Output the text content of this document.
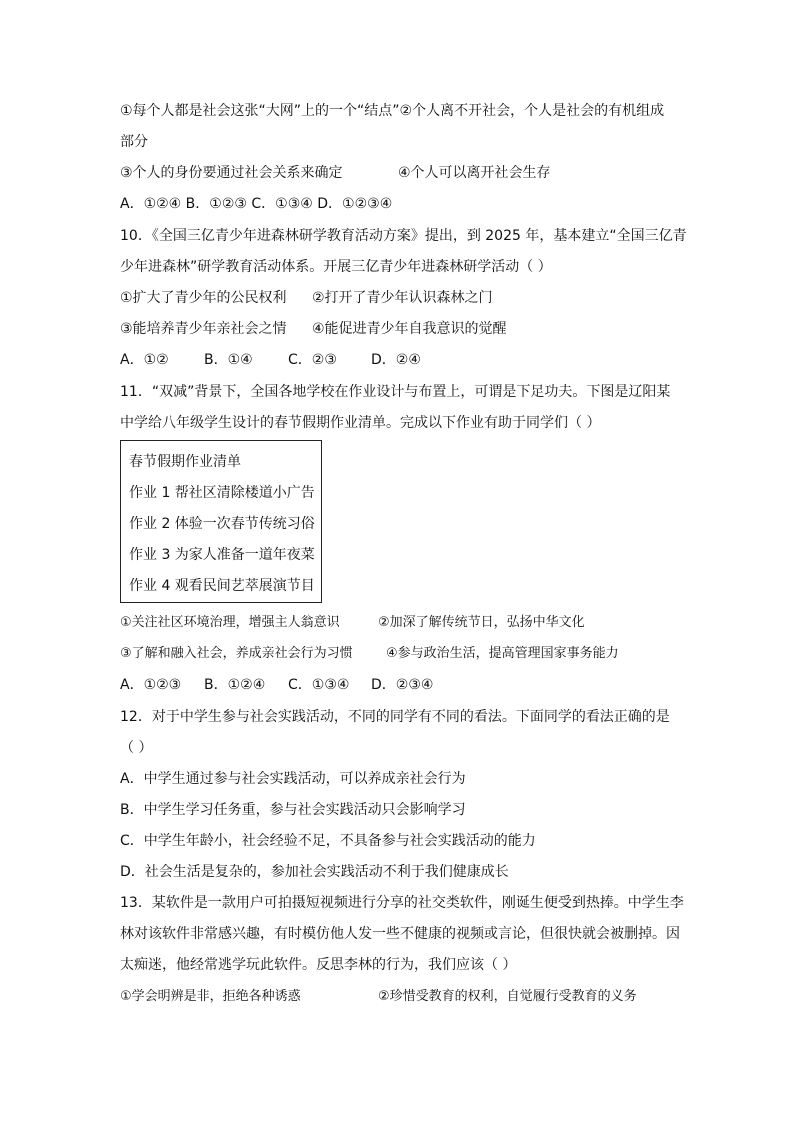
①每个人都是社会这张“大网”上的一个“结点”②个人离不开社会，个人是社会的有机组成
部分
③个人的身份要通过社会关系来确定	④个人可以离开社会生存
A．①②④ B．①②③ C．①③④ D．①②③④
10．《全国三亿青少年进森林研学教育活动方案》提出，到 2025 年，基本建立“全国三亿青
少年进森林”研学教育活动体系。开展三亿青少年进森林研学活动（ ）
①扩大了青少年的公民权利 ②打开了青少年认识森林之门
③能培养青少年亲社会之情 ④能促进青少年自我意识的觉醒
A．①②	B．①④	C．②③ D．②④
11．“双减”背景下，全国各地学校在作业设计与布置上，可谓是下足功夫。下图是辽阳某
中学给八年级学生设计的春节假期作业清单。完成以下作业有助于同学们（ ）
春节假期作业清单
作业 1 帮社区清除楼道小广告
作业 2 体验一次春节传统习俗
作业 3 为家人准备一道年夜菜
作业 4 观看民间艺萃展演节目
①关注社区环境治理，增强主人翁意识	②加深了解传统节日，弘扬中华文化
③了解和融入社会，养成亲社会行为习惯	④参与政治生活，提高管理国家事务能力
A．①②③ B．①②④ C．①③④ D．②③④
12．对于中学生参与社会实践活动，不同的同学有不同的看法。下面同学的看法正确的是
（ ）
A．中学生通过参与社会实践活动，可以养成亲社会行为
B．中学生学习任务重，参与社会实践活动只会影响学习
C．中学生年龄小，社会经验不足，不具备参与社会实践活动的能力
D．社会生活是复杂的，参加社会实践活动不利于我们健康成长
13．某软件是一款用户可拍摄短视频进行分享的社交类软件，刚诞生便受到热捧。中学生李
林对该软件非常感兴趣，有时模仿他人发一些不健康的视频或言论，但很快就会被删掉。因
太痴迷，他经常逃学玩此软件。反思李林的行为，我们应该（ ）
①学会明辨是非，拒绝各种诱惑	②珍惜受教育的权利，自觉履行受教育的义务
